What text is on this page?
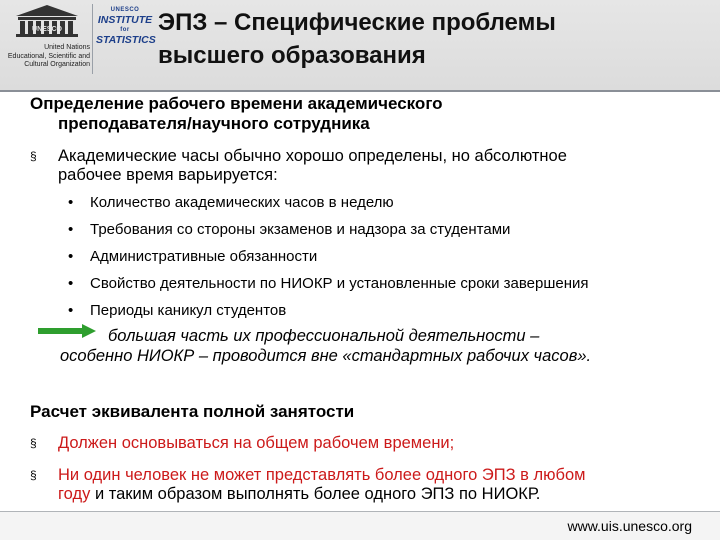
UNESCO
United Nations
Educational, Scientific and
Cultural Organization
UNESCO
INSTITUTE
for
STATISTICS
ЭПЗ – Специфические проблемы
высшего образования
Определение рабочего времени академического
преподавателя/научного сотрудника
§	Академические часы обычно хорошо определены, но абсолютное
рабочее время варьируется:
• Количество академических часов в неделю
• Требования со стороны экзаменов и надзора за студентами
• Административные обязанности
• Свойство деятельности по НИОКР и установленные сроки завершения
• Периоды каникул студентов
большая часть их профессиональной деятельности –
особенно НИОКР – проводится вне «стандартных рабочих часов».
Расчет эквивалента полной занятости
§	Должен основываться на общем рабочем времени;
§	Ни один человек не может представлять более одного ЭПЗ в любом
году и таким образом выполнять более одного ЭПЗ по НИОКР.
www.uis.unesco.org
